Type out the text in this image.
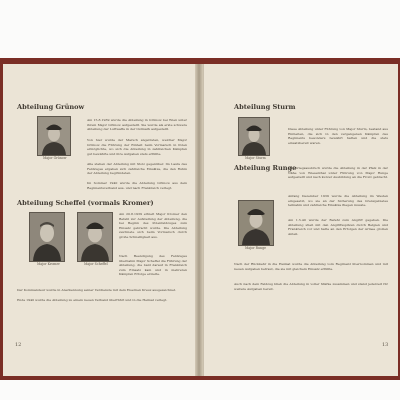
Abteilung Grünow
Major Grünow

Am 15.8.1939 wurde die Abteilung in Grünow bei Wien unter ihrem Major Grünow aufgestellt. Sie wurde als erste schwere Abteilung der Luftwaffe in der Ostmark aufgestellt.

Von hier wurde der Marsch angetreten, welcher Major Grünow die Führung der Einheit beim Vormarsch in Polen ermöglichte, wo sich die Abteilung in zahlreichen Kämpfen gut bewährte und ihre Aufgaben stets erfüllte.

Alle stehen der Abteilung mit Stolz gegenüber. Im Laufe des Feldzuges ergaben sich zahlreiche Einsätze, die den Ruhm der Abteilung begründeten.

Im Sommer 1940 wurde die Abteilung Grünow aus dem Regimentsverband aus- und nach Frankreich verlegt.

Abteilung Scheffel (vormals Kromer)
Major Kromer	Major Scheffel

Am 20.8.1939 erhielt Major Kromer den Befehl zur Aufstellung der Abteilung, die bei Beginn des Polenfeldzuges zum Einsatz gebracht wurde. Die Abteilung zeichnete sich beim Vormarsch durch große Schnelligkeit aus.

Nach Beendigung des Feldzuges übernahm Major Scheffel die Führung der Abteilung, die bald darauf in Frankreich zum Einsatz kam und in mehreren Kämpfen Erfolge erzielte.

Der Kommandeur wurde in Anerkennung seiner Verdienste mit dem Eisernen Kreuz ausgezeichnet.

Ende 1940 wurde die Abteilung zu einem neuen Verband überführt und in die Heimat verlegt.

12
Abteilung Sturm
Major Sturm

Diese Abteilung unter Führung von Major Sturm, bestand aus Einheiten, die sich in den vergangenen Kämpfen des Regiments besonders bewährt hatten und die stets einsatzbereit waren.

Abteilung Runge
Major Runge

Mit Kriegsausbruch wurde die Abteilung in der Pfalz in der Nähe von Wiesenthal unter Führung von Major Runge aufgestellt und nach kurzer Ausbildung an die Front gebracht.

Anfang Dezember 1939 wurde die Abteilung im Westen eingesetzt, wo sie an der Sicherung des Grenzgebietes teilnahm und zahlreiche Einsätze fliegen musste.

Am 1.5.40 wurde der Befehl zum Angriff gegeben. Die Abteilung stieß mit den Angriffsspitzen durch Belgien und Frankreich vor und hatte an den Erfolgen der Armee großen Anteil.

Nach der Rückkehr in die Heimat wurde die Abteilung vom Regiment übernommen und mit neuen Aufgaben betraut, die sie mit gleichem Einsatz erfüllte.

Auch nach dem Feldzug blieb die Abteilung in voller Stärke zusammen und stand jederzeit für weitere Aufgaben bereit.

13
